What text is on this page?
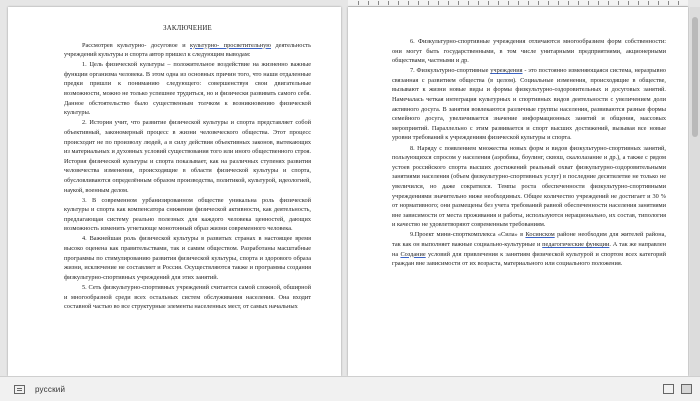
ЗАКЛЮЧЕНИЕ

Рассмотрев культурно- досуговое и культурно- просветительную деятельность учреждений культуры и спорта автор пришел к следующим выводам:

1. Цель физической культуры – положительное воздействие на жизненно важные функции организма человека. В этом одна из основных причин того, что наши отдаленные предки пришли к пониманию следующего: совершенствуя свои двигательные возможности, можно не только успешнее трудиться, но и физически развивать самого себя. Данное обстоятельство было существенным толчком к возникновению физической культуры.

2. История учит, что развитие физической культуры и спорта представляет собой объективный, закономерный процесс в жизни человеческого общества. Этот процесс происходит не по произволу людей, а в силу действия объективных законов, вытекающих из материальных и духовных условий существования того или иного общественного строя. История физической культуры и спорта показывает, как на различных ступенях развития человечества изменения, происходящие в области физической культуры и спорта, обусловливаются определённым образом производства, политикой, культурой, идеологией, наукой, военным делом.

3. В современном урбанизированном обществе уникальна роль физической культуры и спорта как компенсатора снижения физической активности, как деятельность, предлагающая систему реально полезных для каждого человека ценностей, дающих возможность изменить угнетающе монотонный образ жизни современного человека.

4. Важнейшая роль физической культуры в развитых странах в настоящее время высоко оценена как правительствами, так и самим обществом. Разработаны масштабные программы по стимулированию развития физической культуры, спорта и здорового образа жизни, исключение не составляет и Россия. Осуществляются также и программы создания физкультурно-спортивных учреждений для этих занятий.

5. Сеть физкультурно-спортивных учреждений считается самой сложной, обширной и многообразной среди всех остальных систем обслуживания населения. Она входит составной частью во все структурные элементы населенных мест, от самых начальных

6. Физкультурно-спортивные учреждения отличаются многообразием форм собственности: они могут быть государственными, в том числе унитарными предприятиями, акционерными обществами, частными и др.

7. Физкультурно-спортивные учреждения - это постоянно изменяющаяся система, неразрывно связанная с развитием общества (в целом). Социальные изменения, происходящие в обществе, вызывают к жизни новые виды и формы физкультурно-оздоровительных и досуговых занятий. Намечалась четкая интеграция культурных и спортивных видов деятельности с увеличением доли активного досуга. В занятия вовлекаются различные группы населения, развиваются разные формы семейного досуга, увеличивается значение информационных занятий и общения, массовых мероприятий. Параллельно с этим развивается и спорт высших достижений, вызывая все новые уровни требований к учреждениям физической культуры и спорта.

8. Наряду с появлением множества новых форм и видов физкультурно-спортивных занятий, пользующихся спросом у населения (аэробика, боулинг, сквош, скалолазание и др.), а также с рядом устоев российского спорта высших достижений реальный охват физкультурно-оздоровительными занятиями населения (объем физкультурно-спортивных услуг) в последние десятилетие не только не увеличился, но даже сократился. Темпы роста обеспеченности физкультурно-спортивными учреждениями значительно ниже необходимых. Общее количество учреждений не достигает и 30 % от нормативного; они размещены без учета требований равной обеспеченности населения занятиями вне зависимости от места проживания и работы, используются нерационально, их состав, типология и качество не удовлетворяют современным требованиям.

9.Проект мини-спорткомплекса «Сила» в Косинском районе необходим для жителей района, так как он выполняет важные социально-культурные и педагогические функции. А так же направлен на Создание условий для привлечения к занятиям физической культурой и спортом всех категорий граждан вне зависимости от их возраста, материального или социального положения.

русский
